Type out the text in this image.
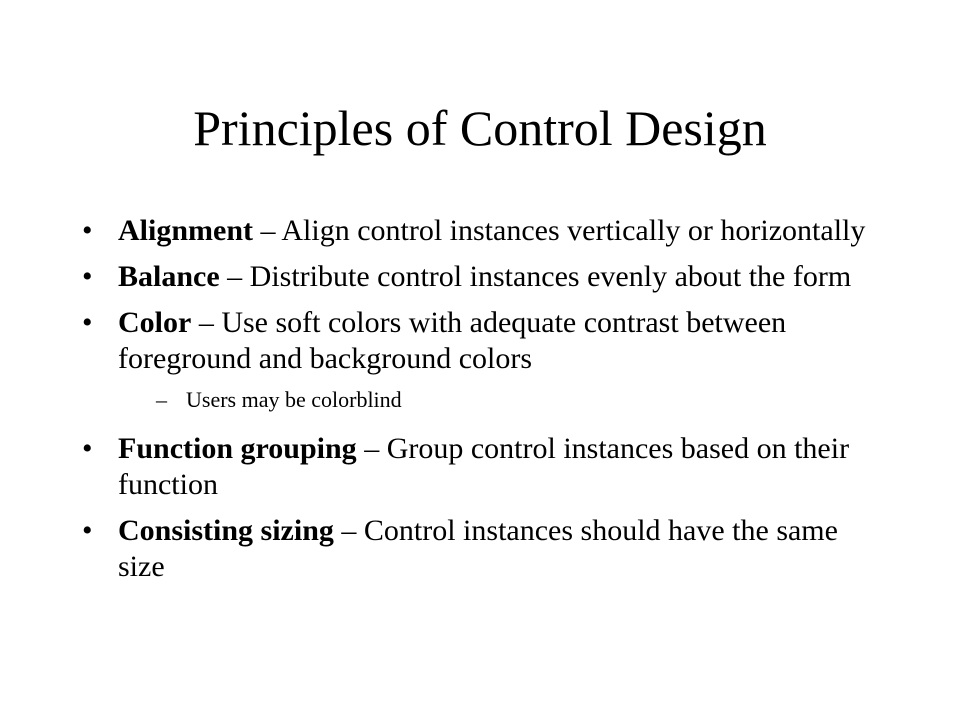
Principles of Control Design
• Alignment – Align control instances vertically or horizontally
• Balance – Distribute control instances evenly about the form
• Color – Use soft colors with adequate contrast between foreground and background colors
– Users may be colorblind
• Function grouping – Group control instances based on their function
• Consisting sizing – Control instances should have the same size
